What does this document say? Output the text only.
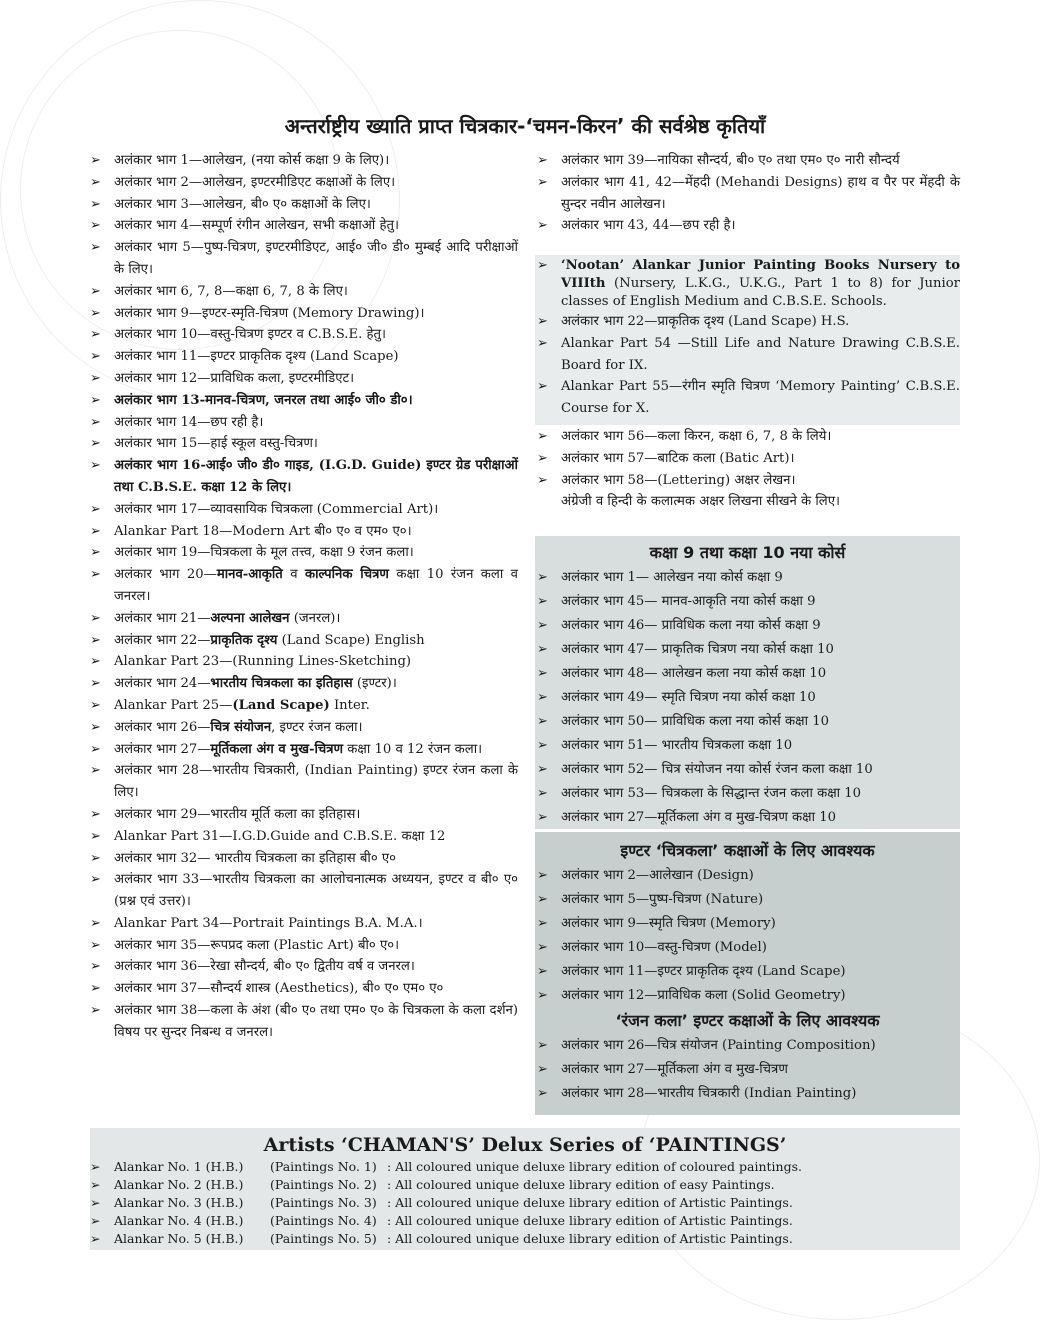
अन्तर्राष्ट्रीय ख्याति प्राप्त चित्रकार-‘चमन-किरन’ की सर्वश्रेष्ठ कृतियाँ
➢ अलंकार भाग 1—आलेखन, (नया कोर्स कक्षा 9 के लिए)।
➢ अलंकार भाग 2—आलेखन, इण्टरमीडिएट कक्षाओं के लिए।
➢ अलंकार भाग 3—आलेखन, बी० ए० कक्षाओं के लिए।
➢ अलंकार भाग 4—सम्पूर्ण रंगीन आलेखन, सभी कक्षाओं हेतु।
➢ अलंकार भाग 5—पुष्प-चित्रण, इण्टरमीडिएट, आई० जी० डी० मुम्बई आदि परीक्षाओं के लिए।
➢ अलंकार भाग 6, 7, 8—कक्षा 6, 7, 8 के लिए।
➢ अलंकार भाग 9—इण्टर-स्मृति-चित्रण (Memory Drawing)।
➢ अलंकार भाग 10—वस्तु-चित्रण इण्टर व C.B.S.E. हेतु।
➢ अलंकार भाग 11—इण्टर प्राकृतिक दृश्य (Land Scape)
➢ अलंकार भाग 12—प्राविधिक कला, इण्टरमीडिएट।
➢ अलंकार भाग 13-मानव-चित्रण, जनरल तथा आई० जी० डी०।
➢ अलंकार भाग 14—छप रही है।
➢ अलंकार भाग 15—हाई स्कूल वस्तु-चित्रण।
➢ अलंकार भाग 16-आई० जी० डी० गाइड, (I.G.D. Guide) इण्टर ग्रेड परीक्षाओं तथा C.B.S.E. कक्षा 12 के लिए।
➢ अलंकार भाग 17—व्यावसायिक चित्रकला (Commercial Art)।
➢ Alankar Part 18—Modern Art बी० ए० व एम० ए०।
➢ अलंकार भाग 19—चित्रकला के मूल तत्त्व, कक्षा 9 रंजन कला।
➢ अलंकार भाग 20—मानव-आकृति व काल्पनिक चित्रण कक्षा 10 रंजन कला व जनरल।
➢ अलंकार भाग 21—अल्पना आलेखन (जनरल)।
➢ अलंकार भाग 22—प्राकृतिक दृश्य (Land Scape) English
➢ Alankar Part 23—(Running Lines-Sketching)
➢ अलंकार भाग 24—भारतीय चित्रकला का इतिहास (इण्टर)।
➢ Alankar Part 25—(Land Scape) Inter.
➢ अलंकार भाग 26—चित्र संयोजन, इण्टर रंजन कला।
➢ अलंकार भाग 27—मूर्तिकला अंग व मुख-चित्रण कक्षा 10 व 12 रंजन कला।
➢ अलंकार भाग 28—भारतीय चित्रकारी, (Indian Painting) इण्टर रंजन कला के लिए।
➢ अलंकार भाग 29—भारतीय मूर्ति कला का इतिहास।
➢ Alankar Part 31—I.G.D.Guide and C.B.S.E. कक्षा 12
➢ अलंकार भाग 32— भारतीय चित्रकला का इतिहास बी० ए०
➢ अलंकार भाग 33—भारतीय चित्रकला का आलोचनात्मक अध्ययन, इण्टर व बी० ए० (प्रश्न एवं उत्तर)।
➢ Alankar Part 34—Portrait Paintings B.A. M.A.।
➢ अलंकार भाग 35—रूपप्रद कला (Plastic Art) बी० ए०।
➢ अलंकार भाग 36—रेखा सौन्दर्य, बी० ए० द्वितीय वर्ष व जनरल।
➢ अलंकार भाग 37—सौन्दर्य शास्त्र (Aesthetics), बी० ए० एम० ए०
➢ अलंकार भाग 38—कला के अंश (बी० ए० तथा एम० ए० के चित्रकला के कला दर्शन) विषय पर सुन्दर निबन्ध व जनरल।
➢ अलंकार भाग 39—नायिका सौन्दर्य, बी० ए० तथा एम० ए० नारी सौन्दर्य
➢ अलंकार भाग 41, 42—मेंहदी (Mehandi Designs) हाथ व पैर पर मेंहदी के सुन्दर नवीन आलेखन।
➢ अलंकार भाग 43, 44—छप रही है।
➢ ‘Nootan’ Alankar Junior Painting Books Nursery to VIIIth (Nursery, L.K.G., U.K.G., Part 1 to 8) for Junior classes of English Medium and C.B.S.E. Schools.
➢ अलंकार भाग 22—प्राकृतिक दृश्य (Land Scape) H.S.
➢ Alankar Part 54 —Still Life and Nature Drawing C.B.S.E. Board for IX.
➢ Alankar Part 55—रंगीन स्मृति चित्रण ‘Memory Painting’ C.B.S.E. Course for X.
➢ अलंकार भाग 56—कला किरन, कक्षा 6, 7, 8 के लिये।
➢ अलंकार भाग 57—बाटिक कला (Batic Art)।
➢ अलंकार भाग 58—(Lettering) अक्षर लेखन।
अंग्रेजी व हिन्दी के कलात्मक अक्षर लिखना सीखने के लिए।
कक्षा 9 तथा कक्षा 10 नया कोर्स
➢ अलंकार भाग 1— आलेखन नया कोर्स कक्षा 9
➢ अलंकार भाग 45— मानव-आकृति नया कोर्स कक्षा 9
➢ अलंकार भाग 46— प्राविधिक कला नया कोर्स कक्षा 9
➢ अलंकार भाग 47— प्राकृतिक चित्रण नया कोर्स कक्षा 10
➢ अलंकार भाग 48— आलेखन कला नया कोर्स कक्षा 10
➢ अलंकार भाग 49— स्मृति चित्रण नया कोर्स कक्षा 10
➢ अलंकार भाग 50— प्राविधिक कला नया कोर्स कक्षा 10
➢ अलंकार भाग 51— भारतीय चित्रकला कक्षा 10
➢ अलंकार भाग 52— चित्र संयोजन नया कोर्स रंजन कला कक्षा 10
➢ अलंकार भाग 53— चित्रकला के सिद्धान्त रंजन कला कक्षा 10
➢ अलंकार भाग 27—मूर्तिकला अंग व मुख-चित्रण कक्षा 10
इण्टर ‘चित्रकला’ कक्षाओं के लिए आवश्यक
➢ अलंकार भाग 2—आलेखान (Design)
➢ अलंकार भाग 5—पुष्प-चित्रण (Nature)
➢ अलंकार भाग 9—स्मृति चित्रण (Memory)
➢ अलंकार भाग 10—वस्तु-चित्रण (Model)
➢ अलंकार भाग 11—इण्टर प्राकृतिक दृश्य (Land Scape)
➢ अलंकार भाग 12—प्राविधिक कला (Solid Geometry)
‘रंजन कला’ इण्टर कक्षाओं के लिए आवश्यक
➢ अलंकार भाग 26—चित्र संयोजन (Painting Composition)
➢ अलंकार भाग 27—मूर्तिकला अंग व मुख-चित्रण
➢ अलंकार भाग 28—भारतीय चित्रकारी (Indian Painting)
Artists ‘CHAMAN'S’ Delux Series of ‘PAINTINGS’
➢ Alankar No. 1 (H.B.) (Paintings No. 1) : All coloured unique deluxe library edition of coloured paintings.
➢ Alankar No. 2 (H.B.) (Paintings No. 2) : All coloured unique deluxe library edition of easy Paintings.
➢ Alankar No. 3 (H.B.) (Paintings No. 3) : All coloured unique deluxe library edition of Artistic Paintings.
➢ Alankar No. 4 (H.B.) (Paintings No. 4) : All coloured unique deluxe library edition of Artistic Paintings.
➢ Alankar No. 5 (H.B.) (Paintings No. 5) : All coloured unique deluxe library edition of Artistic Paintings.
